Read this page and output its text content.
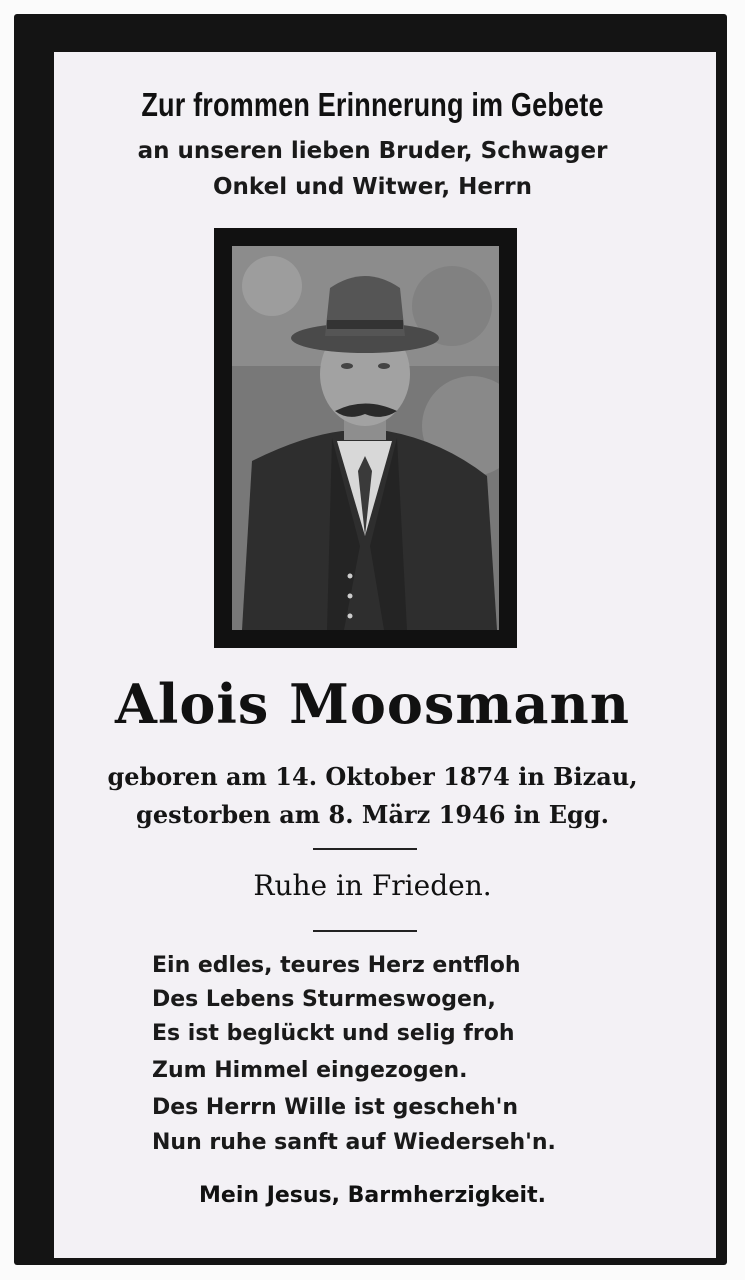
Zur frommen Erinnerung im Gebete
an unseren lieben Bruder, Schwager
Onkel und Witwer, Herrn
Alois Moosmann
geboren am 14. Oktober 1874 in Bizau,
gestorben am 8. März 1946 in Egg.
Ruhe in Frieden.
Ein edles, teures Herz entfloh
Des Lebens Sturmeswogen,
Es ist beglückt und selig froh
Zum Himmel eingezogen.
Des Herrn Wille ist gescheh'n
Nun ruhe sanft auf Wiederseh'n.
Mein Jesus, Barmherzigkeit.
